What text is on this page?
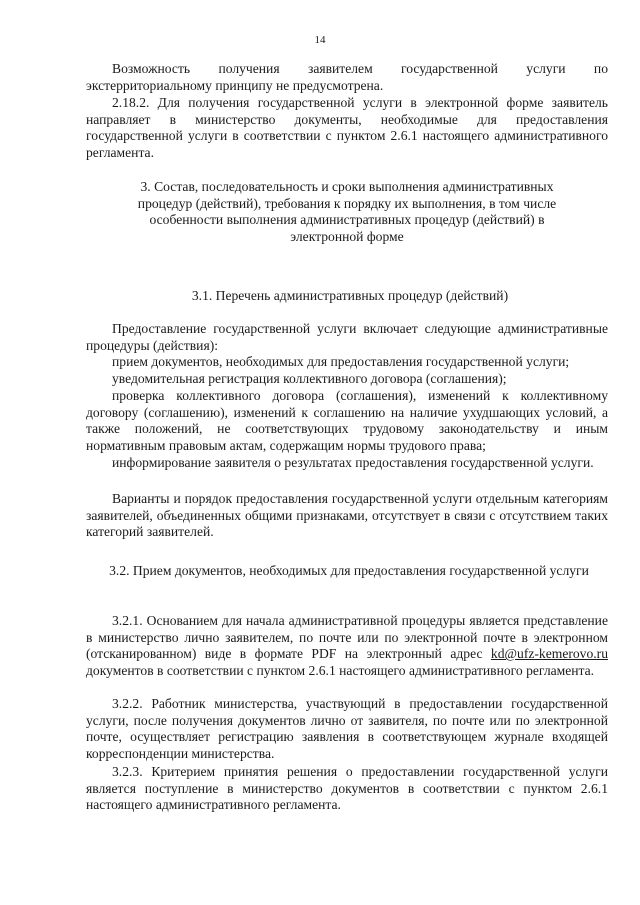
14

Возможность получения заявителем государственной услуги по экстерриториальному принципу не предусмотрена.

2.18.2. Для получения государственной услуги в электронной форме заявитель направляет в министерство документы, необходимые для предоставления государственной услуги в соответствии с пунктом 2.6.1 настоящего административного регламента.

3. Состав, последовательность и сроки выполнения административных процедур (действий), требования к порядку их выполнения, в том числе особенности выполнения административных процедур (действий) в электронной форме

3.1. Перечень административных процедур (действий)

Предоставление государственной услуги включает следующие административные процедуры (действия):

прием документов, необходимых для предоставления государственной услуги;

уведомительная регистрация коллективного договора (соглашения);

проверка коллективного договора (соглашения), изменений к коллективному договору (соглашению), изменений к соглашению на наличие ухудшающих условий, а также положений, не соответствующих трудовому законодательству и иным нормативным правовым актам, содержащим нормы трудового права;

информирование заявителя о результатах предоставления государственной услуги.

Варианты и порядок предоставления государственной услуги отдельным категориям заявителей, объединенных общими признаками, отсутствует в связи с отсутствием таких категорий заявителей.

3.2. Прием документов, необходимых для предоставления государственной услуги

3.2.1. Основанием для начала административной процедуры является представление в министерство лично заявителем, по почте или по электронной почте в электронном (отсканированном) виде в формате PDF на электронный адрес kd@ufz-kemerovo.ru документов в соответствии с пунктом 2.6.1 настоящего административного регламента.

3.2.2. Работник министерства, участвующий в предоставлении государственной услуги, после получения документов лично от заявителя, по почте или по электронной почте, осуществляет регистрацию заявления в соответствующем журнале входящей корреспонденции министерства.

3.2.3. Критерием принятия решения о предоставлении государственной услуги является поступление в министерство документов в соответствии с пунктом 2.6.1 настоящего административного регламента.
